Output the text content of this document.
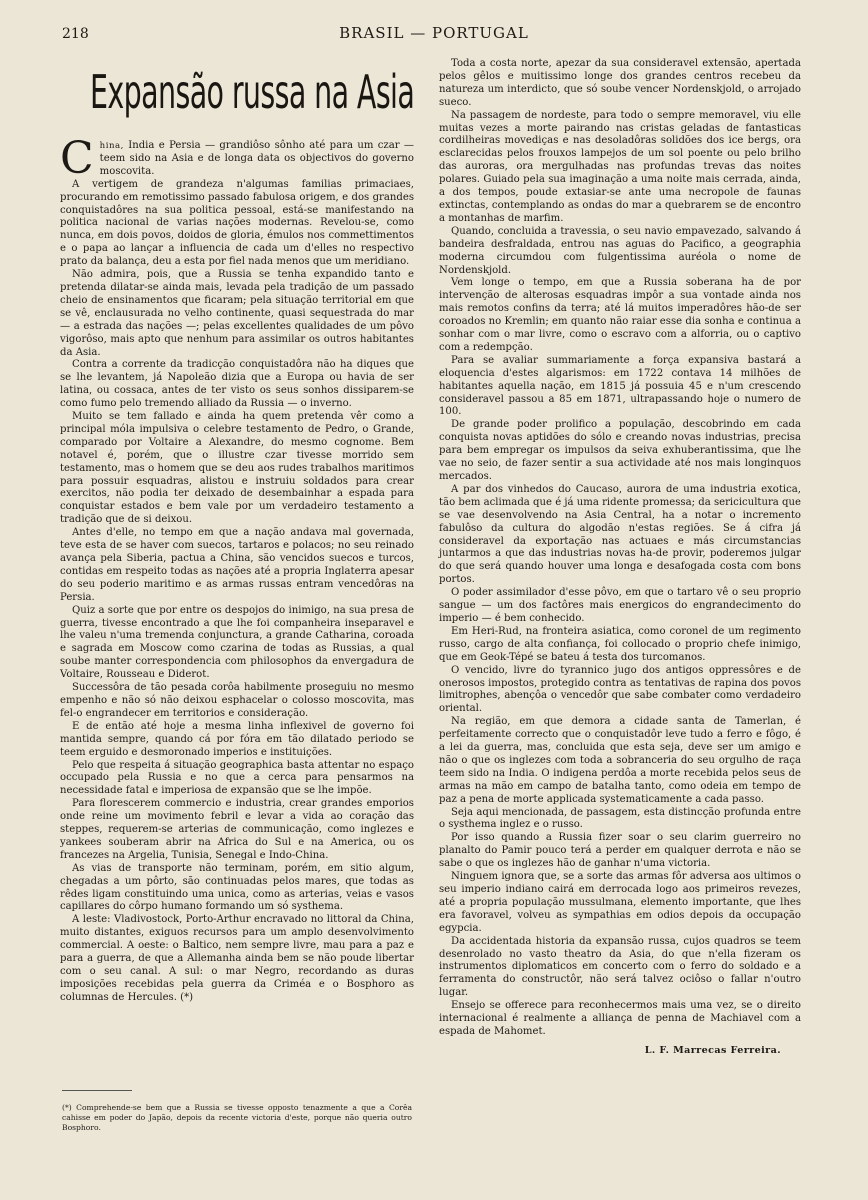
218	BRASIL — PORTUGAL
Expansão russa na Asia

China, India e Persia — grandiôso sônho até para um czar — teem sido na Asia e de longa data os objectivos do governo moscovita.

A vertigem de grandeza n'algumas familias primaciaes, procurando em remotissimo passado fabulosa origem, e dos grandes conquistadôres na sua politica pessoal, está-se manifestando na politica nacional de varias nações modernas. Revelou-se, como nunca, em dois povos, doidos de gloria, émulos nos commettimentos e o papa ao lançar a influencia de cada um d'elles no respectivo prato da balança, deu a esta por fiel nada menos que um meridiano.

Não admira, pois, que a Russia se tenha expandido tanto e pretenda dilatar-se ainda mais, levada pela tradição de um passado cheio de ensinamentos que ficaram; pela situação territorial em que se vê, enclausurada no velho continente, quasi sequestrada do mar — a estrada das nações —; pelas excellentes qualidades de um pôvo vigorôso, mais apto que nenhum para assimilar os outros habitantes da Asia.

Contra a corrente da tradicção conquistadôra não ha diques que se lhe levantem, já Napoleão dizia que a Europa ou havia de ser latina, ou cossaca, antes de ter visto os seus sonhos dissiparem-se como fumo pelo tremendo alliado da Russia — o inverno.

Muito se tem fallado e ainda ha quem pretenda vêr como a principal móla impulsiva o celebre testamento de Pedro, o Grande, comparado por Voltaire a Alexandre, do mesmo cognome. Bem notavel é, porém, que o illustre czar tivesse morrido sem testamento, mas o homem que se deu aos rudes trabalhos maritimos para possuir esquadras, alistou e instruiu soldados para crear exercitos, não podia ter deixado de desembainhar a espada para conquistar estados e bem vale por um verdadeiro testamento a tradição que de si deixou.

Antes d'elle, no tempo em que a nação andava mal governada, teve esta de se haver com suecos, tartaros e polacos; no seu reinado avança pela Siberia, pactua a China, são vencidos suecos e turcos, contidas em respeito todas as nações até a propria Inglaterra apesar do seu poderio maritimo e as armas russas entram vencedôras na Persia.

Quiz a sorte que por entre os despojos do inimigo, na sua presa de guerra, tivesse encontrado a que lhe foi companheira inseparavel e lhe valeu n'uma tremenda conjunctura, a grande Catharina, coroada e sagrada em Moscow como czarina de todas as Russias, a qual soube manter correspondencia com philosophos da envergadura de Voltaire, Rousseau e Diderot.

Successôra de tão pesada corôa habilmente proseguiu no mesmo empenho e não só não deixou esphacelar o colosso moscovita, mas fel-o engrandecer em territorios e consideração.

E de então até hoje a mesma linha inflexivel de governo foi mantida sempre, quando cá por fóra em tão dilatado periodo se teem erguido e desmoronado imperios e instituições.

Pelo que respeita á situação geographica basta attentar no espaço occupado pela Russia e no que a cerca para pensarmos na necessidade fatal e imperiosa de expansão que se lhe impõe.

Para florescerem commercio e industria, crear grandes emporios onde reine um movimento febril e levar a vida ao coração das steppes, requerem-se arterias de communicação, como inglezes e yankees souberam abrir na Africa do Sul e na America, ou os francezes na Argelia, Tunisia, Senegal e Indo-China.

As vias de transporte não terminam, porém, em sitio algum, chegadas a um pôrto, são continuadas pelos mares, que todas as rêdes ligam constituindo uma unica, como as arterias, veias e vasos capillares do côrpo humano formando um só systhema.

A leste: Vladivostock, Porto-Arthur encravado no littoral da China, muito distantes, exiguos recursos para um amplo desenvolvimento commercial. A oeste: o Baltico, nem sempre livre, mau para a paz e para a guerra, de que a Allemanha ainda bem se não poude libertar com o seu canal. A sul: o mar Negro, recordando as duras imposições recebidas pela guerra da Criméa e o Bosphoro as columnas de Hercules. (*)

(*) Comprehende-se bem que a Russia se tivesse opposto tenazmente a que a Corêa cahisse em poder do Japão, depois da recente victoria d'este, porque não queria outro Bosphoro.

Toda a costa norte, apezar da sua consideravel extensão, apertada pelos gêlos e muitissimo longe dos grandes centros recebeu da natureza um interdicto, que só soube vencer Nordenskjold, o arrojado sueco.

Na passagem de nordeste, para todo o sempre memoravel, viu elle muitas vezes a morte pairando nas cristas geladas de fantasticas cordilheiras movediças e nas desoladôras solidões dos ice bergs, ora esclarecidas pelos frouxos lampejos de um sol poente ou pelo brilho das auroras, ora mergulhadas nas profundas trevas das noites polares. Guiado pela sua imaginação a uma noite mais cerrada, ainda, a dos tempos, poude extasiar-se ante uma necropole de faunas extinctas, contemplando as ondas do mar a quebrarem se de encontro a montanhas de marfim.

Quando, concluida a travessia, o seu navio empavezado, salvando á bandeira desfraldada, entrou nas aguas do Pacifico, a geographia moderna circumdou com fulgentissima auréola o nome de Nordenskjold.

Vem longe o tempo, em que a Russia soberana ha de por intervenção de alterosas esquadras impôr a sua vontade ainda nos mais remotos confins da terra; até lá muitos imperadôres hão-de ser coroados no Kremlin; em quanto não raiar esse dia sonha e continua a sonhar com o mar livre, como o escravo com a alforria, ou o captivo com a redempção.

Para se avaliar summariamente a força expansiva bastará a eloquencia d'estes algarismos: em 1722 contava 14 milhões de habitantes aquella nação, em 1815 já possuia 45 e n'um crescendo consideravel passou a 85 em 1871, ultrapassando hoje o numero de 100.

De grande poder prolifico a população, descobrindo em cada conquista novas aptidões do sólo e creando novas industrias, precisa para bem empregar os impulsos da seiva exhuberantissima, que lhe vae no seio, de fazer sentir a sua actividade até nos mais longinquos mercados.

A par dos vinhedos do Caucaso, aurora de uma industria exotica, tão bem aclimada que é já uma ridente promessa; da sericicultura que se vae desenvolvendo na Asia Central, ha a notar o incremento fabulôso da cultura do algodão n'estas regiões. Se á cifra já consideravel da exportação nas actuaes e más circumstancias juntarmos a que das industrias novas ha-de provir, poderemos julgar do que será quando houver uma longa e desafogada costa com bons portos.

O poder assimilador d'esse pôvo, em que o tartaro vê o seu proprio sangue — um dos factôres mais energicos do engrandecimento do imperio — é bem conhecido.

Em Heri-Rud, na fronteira asiatica, como coronel de um regimento russo, cargo de alta confiança, foi collocado o proprio chefe inimigo, que em Geok-Tépé se bateu á testa dos turcomanos.

O vencido, livre do tyrannico jugo dos antigos oppressôres e de onerosos impostos, protegido contra as tentativas de rapina dos povos limitrophes, abençôa o vencedôr que sabe combater como verdadeiro oriental.

Na região, em que demora a cidade santa de Tamerlan, é perfeitamente correcto que o conquistadôr leve tudo a ferro e fôgo, é a lei da guerra, mas, concluida que esta seja, deve ser um amigo e não o que os inglezes com toda a sobranceria do seu orgulho de raça teem sido na India. O indigena perdôa a morte recebida pelos seus de armas na mão em campo de batalha tanto, como odeia em tempo de paz a pena de morte applicada systematicamente a cada passo.

Seja aqui mencionada, de passagem, esta distincção profunda entre o systhema inglez e o russo.

Por isso quando a Russia fizer soar o seu clarim guerreiro no planalto do Pamir pouco terá a perder em qualquer derrota e não se sabe o que os inglezes hão de ganhar n'uma victoria.

Ninguem ignora que, se a sorte das armas fôr adversa aos ultimos o seu imperio indiano cairá em derrocada logo aos primeiros revezes, até a propria população mussulmana, elemento importante, que lhes era favoravel, volveu as sympathias em odios depois da occupação egypcia.

Da accidentada historia da expansão russa, cujos quadros se teem desenrolado no vasto theatro da Asia, do que n'ella fizeram os instrumentos diplomaticos em concerto com o ferro do soldado e a ferramenta do constructôr, não será talvez ociôso o fallar n'outro lugar.

Ensejo se offerece para reconhecermos mais uma vez, se o direito internacional é realmente a alliança de penna de Machiavel com a espada de Mahomet.

L. F. Marrecas Ferreira.
